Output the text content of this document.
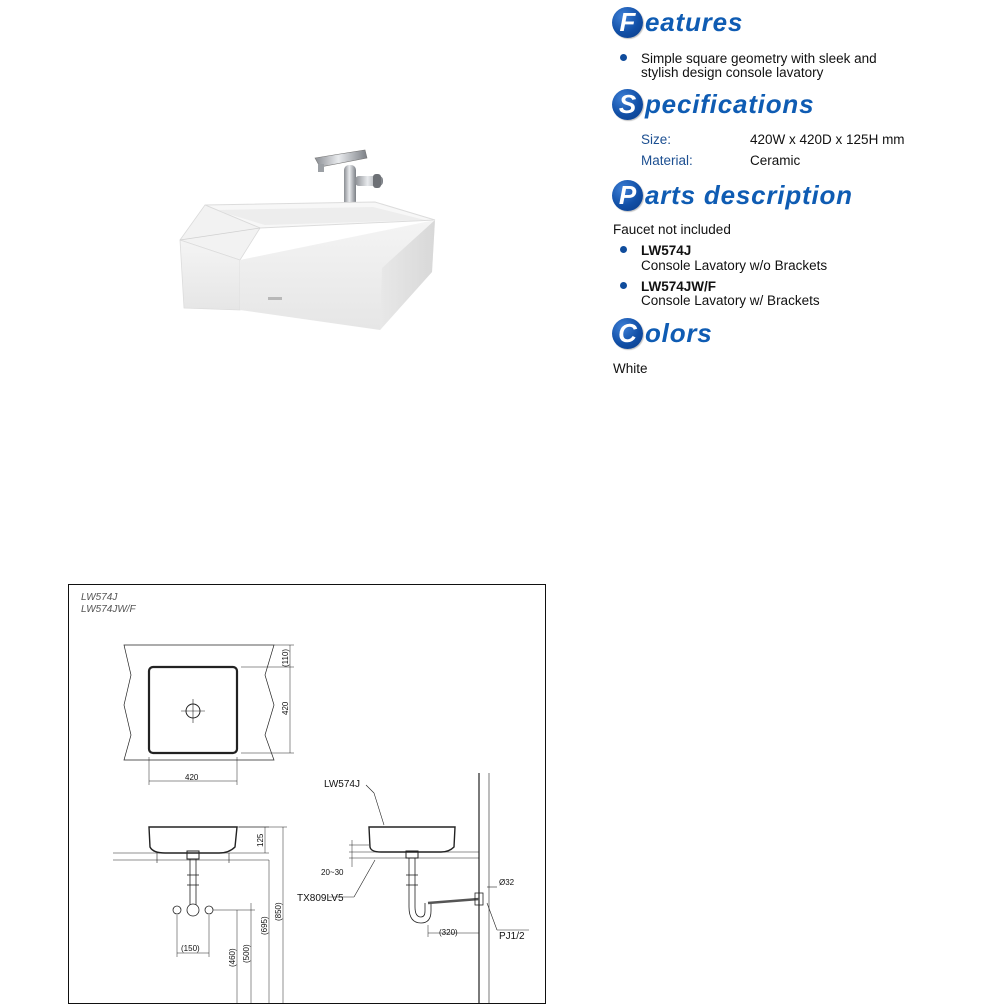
F eatures
Simple square geometry with sleek and
stylish design console lavatory
S pecifications
Size:	420W x 420D x 125H mm
Material:	Ceramic
P arts description
Faucet not included
LW574J
Console Lavatory w/o Brackets
LW574JW/F
Console Lavatory w/ Brackets
C olors
White
LW574J
LW574JW/F
420
420
(110)
125
(150)	(460) (500)
(695)
(850)
LW574J
20~30
TX809LV5
(320)
Ø32
PJ1/2
